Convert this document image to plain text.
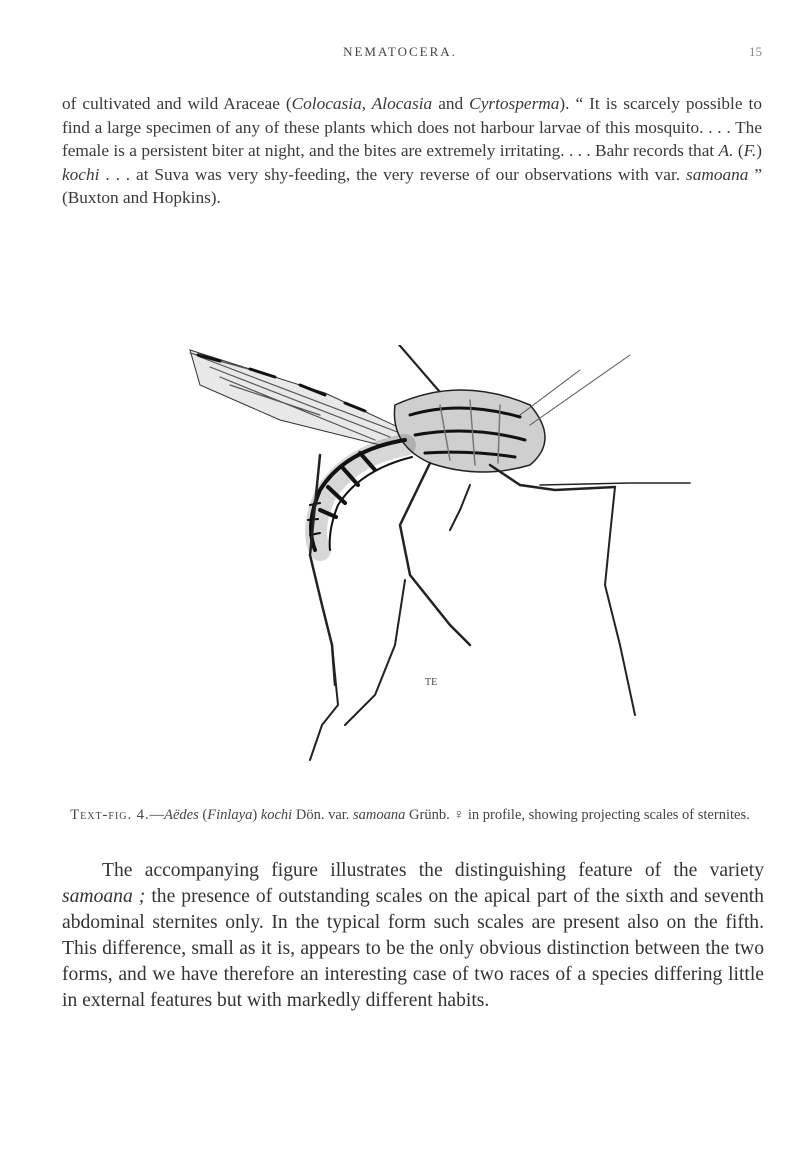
NEMATOCERA.	15

of cultivated and wild Araceae (Colocasia, Alocasia and Cyrtosperma). “ It is scarcely possible to find a large specimen of any of these plants which does not harbour larvae of this mosquito. . . . The female is a persistent biter at night, and the bites are extremely irritating. . . . Bahr records that A. (F.) kochi . . . at Suva was very shy-feeding, the very reverse of our observations with var. samoana ” (Buxton and Hopkins).

TE
Text-fig. 4.—Aëdes (Finlaya) kochi Dön. var. samoana Grünb. ♀ in profile, showing projecting scales of sternites.

The accompanying figure illustrates the distinguishing feature of the variety samoana ; the presence of outstanding scales on the apical part of the sixth and seventh abdominal sternites only. In the typical form such scales are present also on the fifth. This difference, small as it is, appears to be the only obvious distinction between the two forms, and we have therefore an interesting case of two races of a species differing little in external features but with markedly different habits.
